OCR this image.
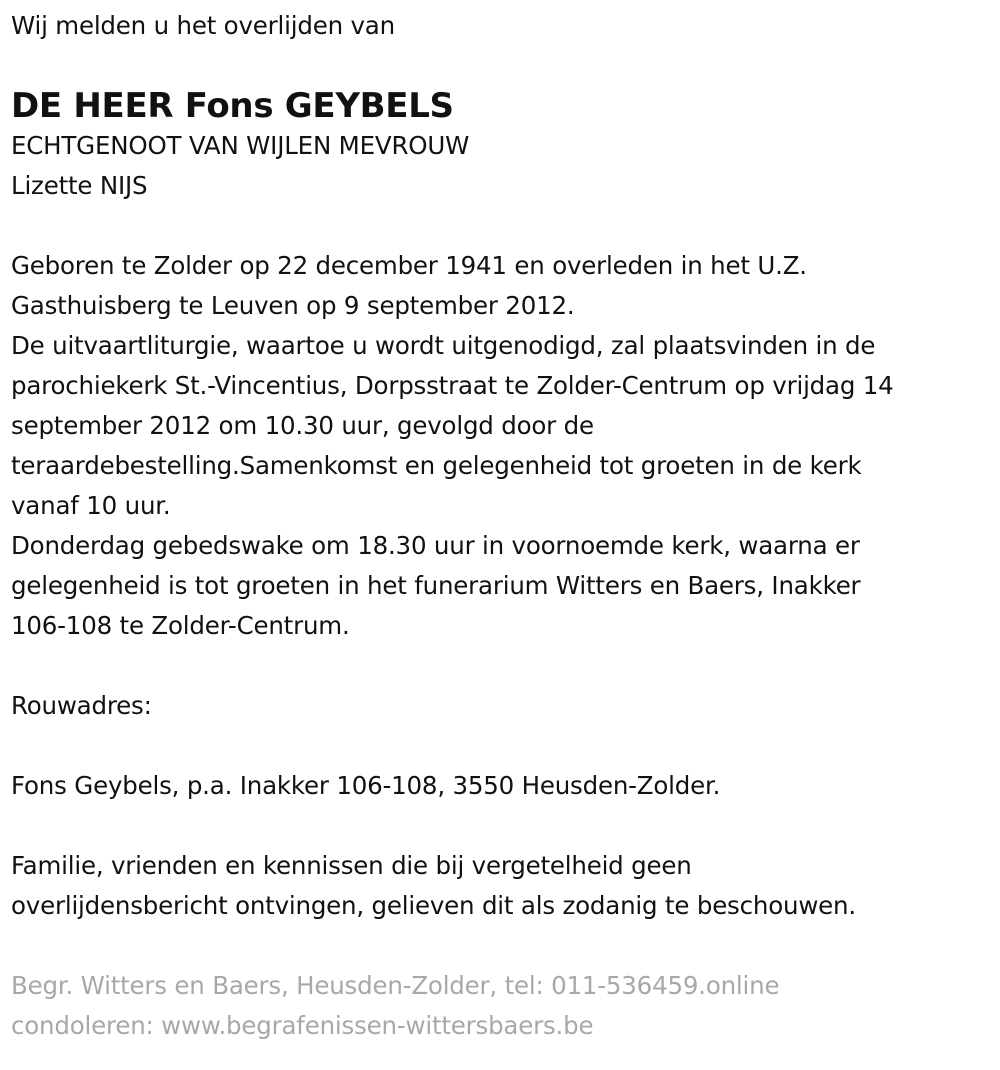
Wij melden u het overlijden van
DE HEER Fons GEYBELS
ECHTGENOOT VAN WIJLEN MEVROUW
Lizette NIJS
Geboren te Zolder op 22 december 1941 en overleden in het U.Z.
Gasthuisberg te Leuven op 9 september 2012.
De uitvaartliturgie, waartoe u wordt uitgenodigd, zal plaatsvinden in de
parochiekerk St.-Vincentius, Dorpsstraat te Zolder-Centrum op vrijdag 14
september 2012 om 10.30 uur, gevolgd door de
teraardebestelling.Samenkomst en gelegenheid tot groeten in de kerk
vanaf 10 uur.
Donderdag gebedswake om 18.30 uur in voornoemde kerk, waarna er
gelegenheid is tot groeten in het funerarium Witters en Baers, Inakker
106-108 te Zolder-Centrum.
Rouwadres:
Fons Geybels, p.a. Inakker 106-108, 3550 Heusden-Zolder.
Familie, vrienden en kennissen die bij vergetelheid geen
overlijdensbericht ontvingen, gelieven dit als zodanig te beschouwen.
Begr. Witters en Baers, Heusden-Zolder, tel: 011-536459.online
condoleren: www.begrafenissen-wittersbaers.be
